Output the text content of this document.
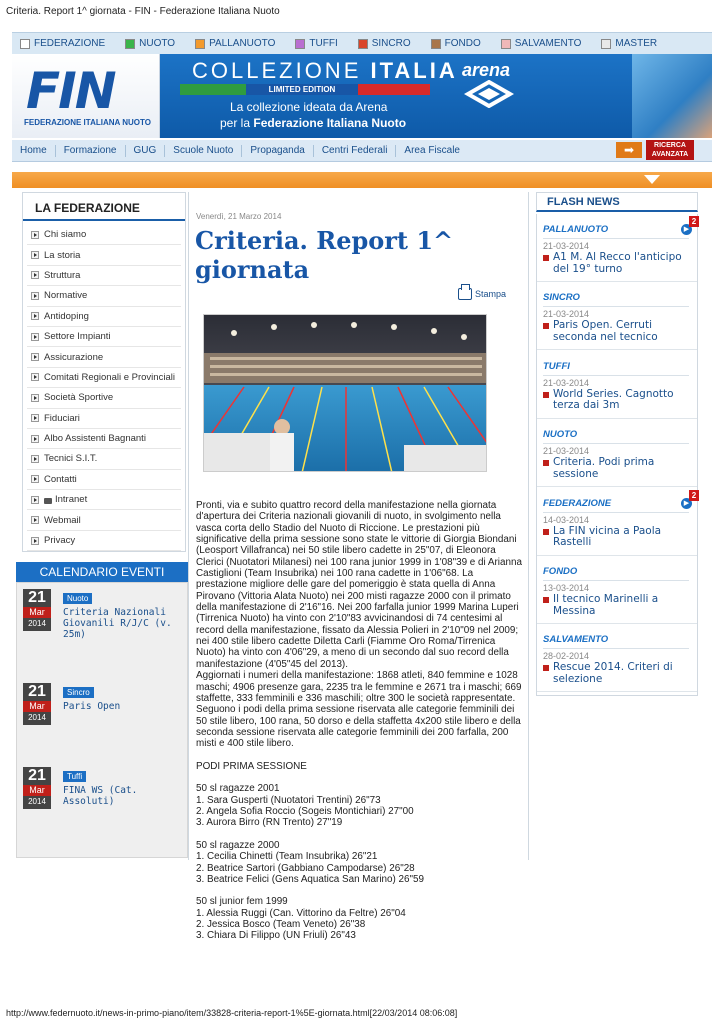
Criteria. Report 1^ giornata - FIN - Federazione Italiana Nuoto
FEDERAZIONE	NUOTO	PALLANUOTO	TUFFI	SINCRO	FONDO	SALVAMENTO	MASTER
FIN
FEDERAZIONE ITALIANA NUOTO
COLLEZIONE ITALIA
LIMITED EDITION
La collezione ideata da Arena
per la Federazione Italiana Nuoto
arena
Home	Formazione	GUG	Scuole Nuoto	Propaganda	Centri Federali	Area Fiscale	➡	RICERCA
AVANZATA
LA FEDERAZIONE
Chi siamo
La storia
Struttura
Normative
Antidoping
Settore Impianti
Assicurazione
Comitati Regionali e Provinciali
Società Sportive
Fiduciari
Albo Assistenti Bagnanti
Tecnici S.I.T.
Contatti
Intranet
Webmail
Privacy
CALENDARIO EVENTI
21
Mar
2014
Nuoto
Criteria Nazionali Giovanili R/J/C (v. 25m)
21
Mar
2014
Sincro
Paris Open
21
Mar
2014
Tuffi
FINA WS (Cat. Assoluti)
Venerdì, 21 Marzo 2014
Criteria. Report 1^ giornata
Stampa

Pronti, via e subito quattro record della manifestazione nella giornata d'apertura dei Criteria nazionali giovanili di nuoto, in svolgimento nella vasca corta dello Stadio del Nuoto di Riccione. Le prestazioni più significative della prima sessione sono state le vittorie di Giorgia Biondani (Leosport Villafranca) nei 50 stile libero cadette in 25"07, di Eleonora Clerici (Nuotatori Milanesi) nei 100 rana junior 1999 in 1'08"39 e di Arianna Castiglioni (Team Insubrika) nei 100 rana cadette in 1'06"68. La prestazione migliore delle gare del pomeriggio è stata quella di Anna Pirovano (Vittoria Alata Nuoto) nei 200 misti ragazze 2000 con il primato della manifestazione di 2'16"16. Nei 200 farfalla junior 1999 Marina Luperi (Tirrenica Nuoto) ha vinto con 2'10"83 avvicinandosi di 74 centesimi al record della manifestazione, fissato da Alessia Polieri in 2'10"09 nel 2009; nei 400 stile libero cadette Diletta Carli (Fiamme Oro Roma/Tirrenica Nuoto) ha vinto con 4'06"29, a meno di un secondo dal suo record della manifestazione (4'05"45 del 2013).
Aggiornati i numeri della manifestazione: 1868 atleti, 840 femmine e 1028 maschi; 4906 presenze gara, 2235 tra le femmine e 2671 tra i maschi; 669 staffette, 333 femminili e 336 maschili; oltre 300 le società rappresentate.
Seguono i podi della prima sessione riservata alle categorie femminili dei 50 stile libero, 100 rana, 50 dorso e della staffetta 4x200 stile libero e della seconda sessione riservata alle categorie femminili dei 200 farfalla, 200 misti e 400 stile libero.

PODI PRIMA SESSIONE

50 sl ragazze 2001
1. Sara Gusperti (Nuotatori Trentini) 26"73
2. Angela Sofia Roccio (Sogeis Montichiari) 27"00
3. Aurora Birro (RN Trento) 27"19

50 sl ragazze 2000
1. Cecilia Chinetti (Team Insubrika) 26"21
2. Beatrice Sartori (Gabbiano Campodarse) 26"28
3. Beatrice Felici (Gens Aquatica San Marino) 26"59

50 sl junior fem 1999
1. Alessia Ruggi (Can. Vittorino da Feltre) 26"04
2. Jessica Bosco (Team Veneto) 26"38
3. Chiara Di Filippo (UN Friuli) 26"43

FLASH NEWS
PALLANUOTO
21-03-2014
A1 M. Al Recco l'anticipo del 19° turno
▶
2
SINCRO
21-03-2014
Paris Open. Cerruti seconda nel tecnico
TUFFI
21-03-2014
World Series. Cagnotto terza dai 3m
NUOTO
21-03-2014
Criteria. Podi prima sessione
FEDERAZIONE
14-03-2014
La FIN vicina a Paola Rastelli
▶
2
FONDO
13-03-2014
Il tecnico Marinelli a Messina
SALVAMENTO
28-02-2014
Rescue 2014. Criteri di selezione
http://www.federnuoto.it/news-in-primo-piano/item/33828-criteria-report-1%5E-giornata.html[22/03/2014 08:06:08]
